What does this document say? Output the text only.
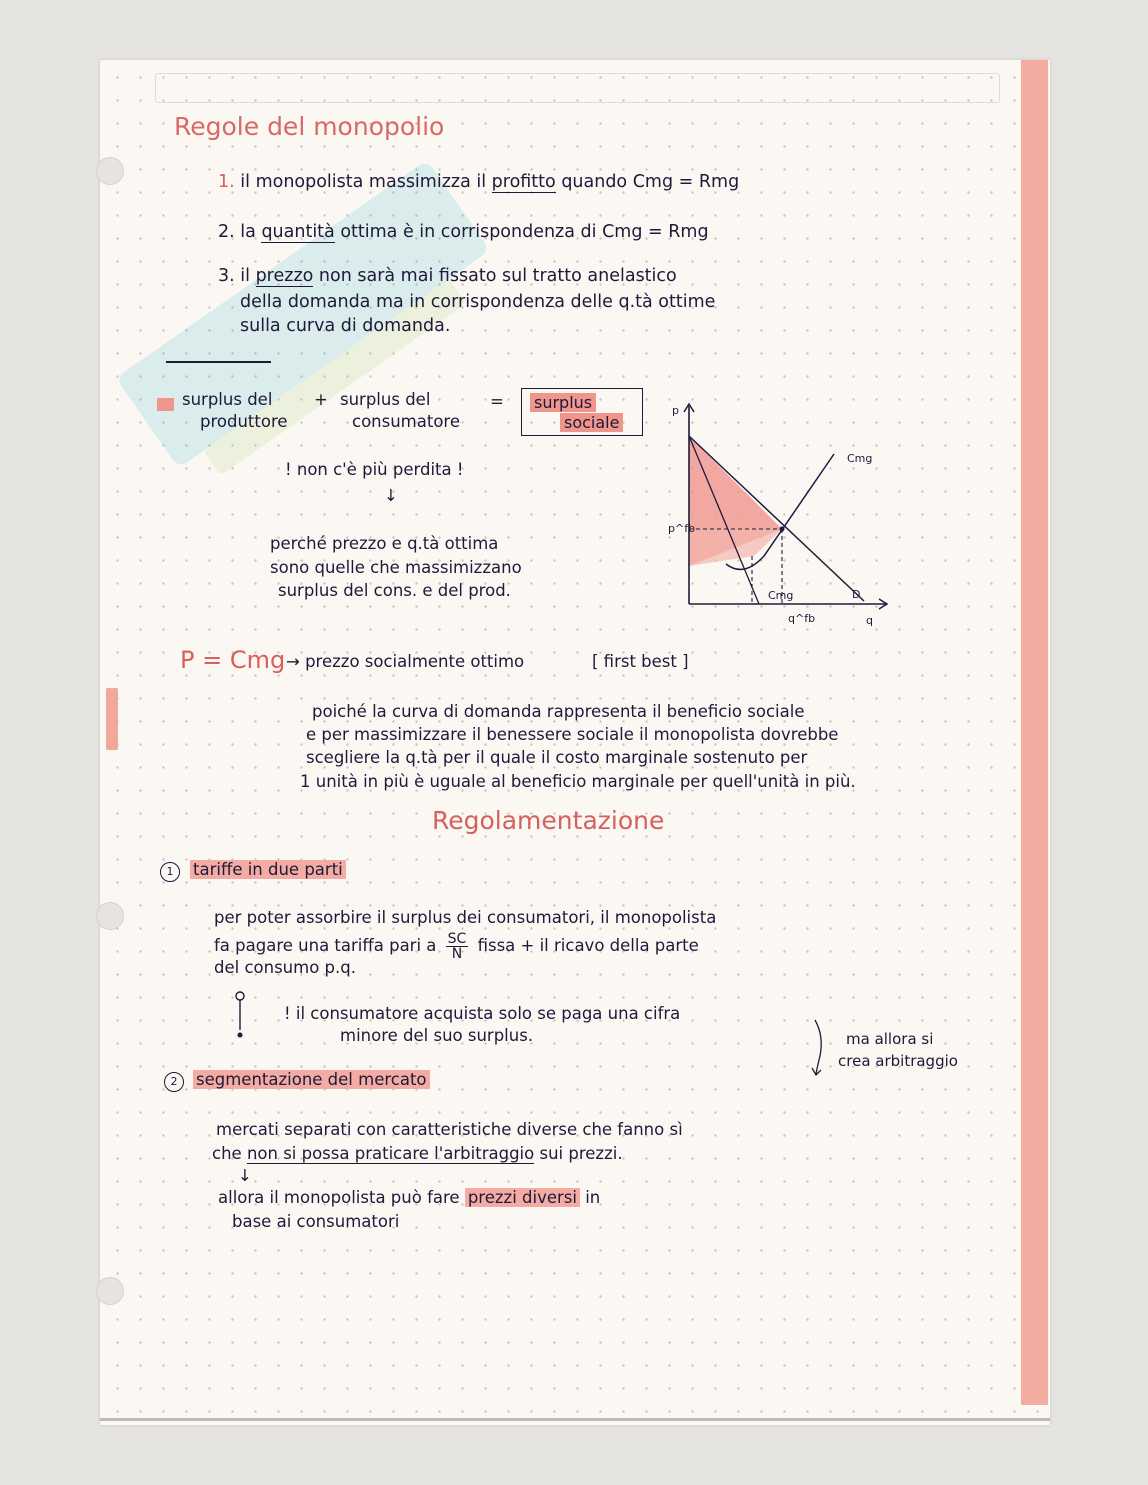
Regole del monopolio
1. il monopolista massimizza il profitto quando Cmg = Rmg
2. la quantità ottima è in corrispondenza di Cmg = Rmg
3. il prezzo non sarà mai fissato sul tratto anelastico
della domanda ma in corrispondenza delle q.tà ottime
sulla curva di domanda.
surplus del
produttore
+ surplus del
consumatore
= surplus
sociale
! non c'è più perdita !
↓
perché prezzo e q.tà ottima
sono quelle che massimizzano
surplus del cons. e del prod.
p
p^fb
Cmg
Cmg	D
q^fb	q
P = Cmg → prezzo socialmente ottimo	[ first best ]
poiché la curva di domanda rappresenta il beneficio sociale
e per massimizzare il benessere sociale il monopolista dovrebbe
scegliere la q.tà per il quale il costo marginale sostenuto per
1 unità in più è uguale al beneficio marginale per quell'unità in più.
Regolamentazione
1	tariffe in due parti
per poter assorbire il surplus dei consumatori, il monopolista
fa pagare una tariffa pari a $\frac{SC}{N}$ fissa + il ricavo della parte
del consumo p.q.
! il consumatore acquista solo se paga una cifra
minore del suo surplus.	ma allora si
crea arbitraggio
2	segmentazione del mercato
mercati separati con caratteristiche diverse che fanno sì
che non si possa praticare l'arbitraggio sui prezzi.
↓
allora il monopolista può fare prezzi diversi in
base ai consumatori
